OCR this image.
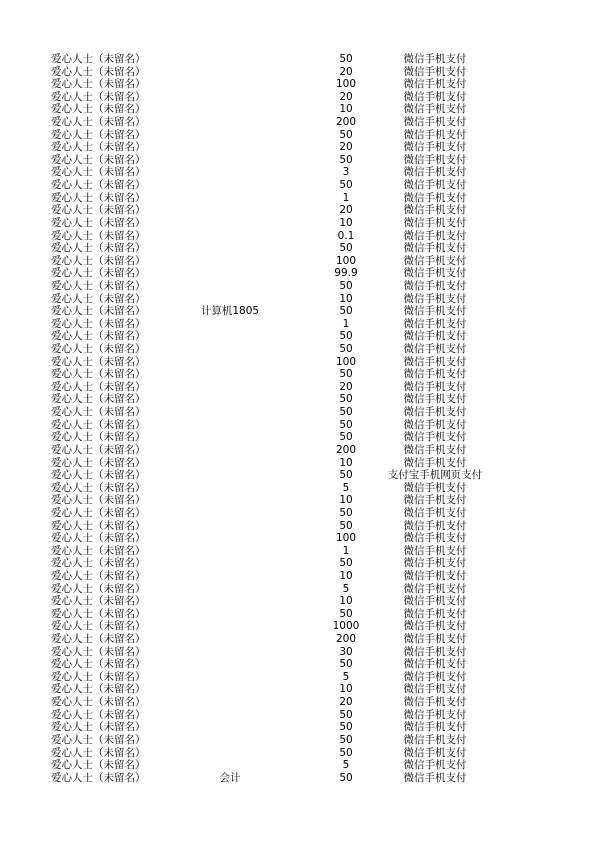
爱心人士（未留名）	50	微信手机支付
爱心人士（未留名）	20	微信手机支付
爱心人士（未留名）	100	微信手机支付
爱心人士（未留名）	20	微信手机支付
爱心人士（未留名）	10	微信手机支付
爱心人士（未留名）	200	微信手机支付
爱心人士（未留名）	50	微信手机支付
爱心人士（未留名）	20	微信手机支付
爱心人士（未留名）	50	微信手机支付
爱心人士（未留名）	3	微信手机支付
爱心人士（未留名）	50	微信手机支付
爱心人士（未留名）	1	微信手机支付
爱心人士（未留名）	20	微信手机支付
爱心人士（未留名）	10	微信手机支付
爱心人士（未留名）	0.1	微信手机支付
爱心人士（未留名）	50	微信手机支付
爱心人士（未留名）	100	微信手机支付
爱心人士（未留名）	99.9	微信手机支付
爱心人士（未留名）	50	微信手机支付
爱心人士（未留名）	10	微信手机支付
爱心人士（未留名）	计算机1805	50	微信手机支付
爱心人士（未留名）	1	微信手机支付
爱心人士（未留名）	50	微信手机支付
爱心人士（未留名）	50	微信手机支付
爱心人士（未留名）	100	微信手机支付
爱心人士（未留名）	50	微信手机支付
爱心人士（未留名）	20	微信手机支付
爱心人士（未留名）	50	微信手机支付
爱心人士（未留名）	50	微信手机支付
爱心人士（未留名）	50	微信手机支付
爱心人士（未留名）	50	微信手机支付
爱心人士（未留名）	200	微信手机支付
爱心人士（未留名）	10	微信手机支付
爱心人士（未留名）	50	支付宝手机网页支付
爱心人士（未留名）	5	微信手机支付
爱心人士（未留名）	10	微信手机支付
爱心人士（未留名）	50	微信手机支付
爱心人士（未留名）	50	微信手机支付
爱心人士（未留名）	100	微信手机支付
爱心人士（未留名）	1	微信手机支付
爱心人士（未留名）	50	微信手机支付
爱心人士（未留名）	10	微信手机支付
爱心人士（未留名）	5	微信手机支付
爱心人士（未留名）	10	微信手机支付
爱心人士（未留名）	50	微信手机支付
爱心人士（未留名）	1000	微信手机支付
爱心人士（未留名）	200	微信手机支付
爱心人士（未留名）	30	微信手机支付
爱心人士（未留名）	50	微信手机支付
爱心人士（未留名）	5	微信手机支付
爱心人士（未留名）	10	微信手机支付
爱心人士（未留名）	20	微信手机支付
爱心人士（未留名）	50	微信手机支付
爱心人士（未留名）	50	微信手机支付
爱心人士（未留名）	50	微信手机支付
爱心人士（未留名）	50	微信手机支付
爱心人士（未留名）	5	微信手机支付
爱心人士（未留名）	会计	50	微信手机支付
